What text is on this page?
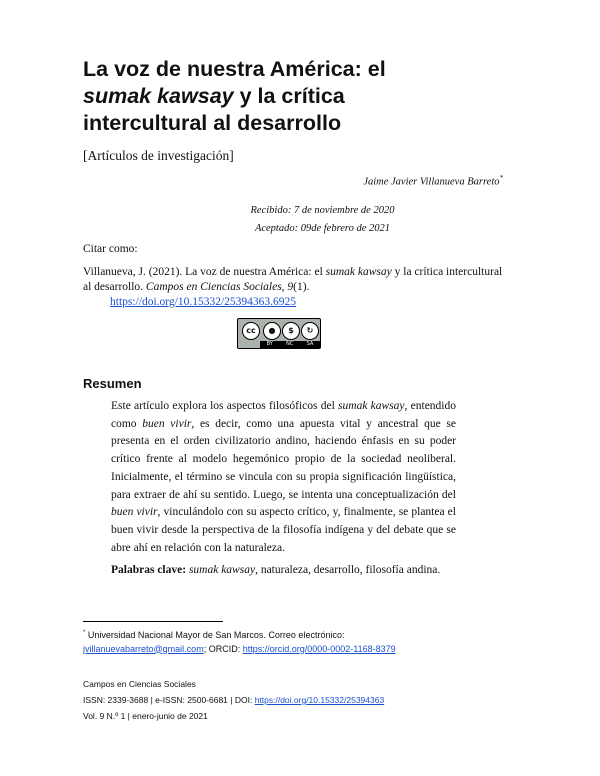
La voz de nuestra América: el
sumak kawsay y la crítica
intercultural al desarrollo
[Artículos de investigación]
Jaime Javier Villanueva Barreto*
Recibido: 7 de noviembre de 2020
Aceptado: 09de febrero de 2021
Citar como:
Villanueva, J. (2021). La voz de nuestra América: el sumak kawsay y la crítica intercultural al desarrollo. Campos en Ciencias Sociales, 9(1).
https://doi.org/10.15332/25394363.6925
cc	●	$	↻
BY	NC	SA
Resumen
Este artículo explora los aspectos filosóficos del sumak kawsay, entendido como buen vivir, es decir, como una apuesta vital y ancestral que se presenta en el orden civilizatorio andino, haciendo énfasis en su poder crítico frente al modelo hegemónico propio de la sociedad neoliberal. Inicialmente, el término se vincula con su propia significación lingüística, para extraer de ahí su sentido. Luego, se intenta una conceptualización del buen vivir, vinculándolo con su aspecto crítico, y, finalmente, se plantea el buen vivir desde la perspectiva de la filosofía indígena y del debate que se abre ahí en relación con la naturaleza.
Palabras clave: sumak kawsay, naturaleza, desarrollo, filosofía andina.
* Universidad Nacional Mayor de San Marcos. Correo electrónico:
jvillanuevabarreto@gmail.com; ORCID: https://orcid.org/0000-0002-1168-8379
Campos en Ciencias Sociales
ISSN: 2339-3688 | e-ISSN: 2500-6681 | DOI: https://doi.org/10.15332/25394363
Vol. 9 N.º 1 | enero-junio de 2021
